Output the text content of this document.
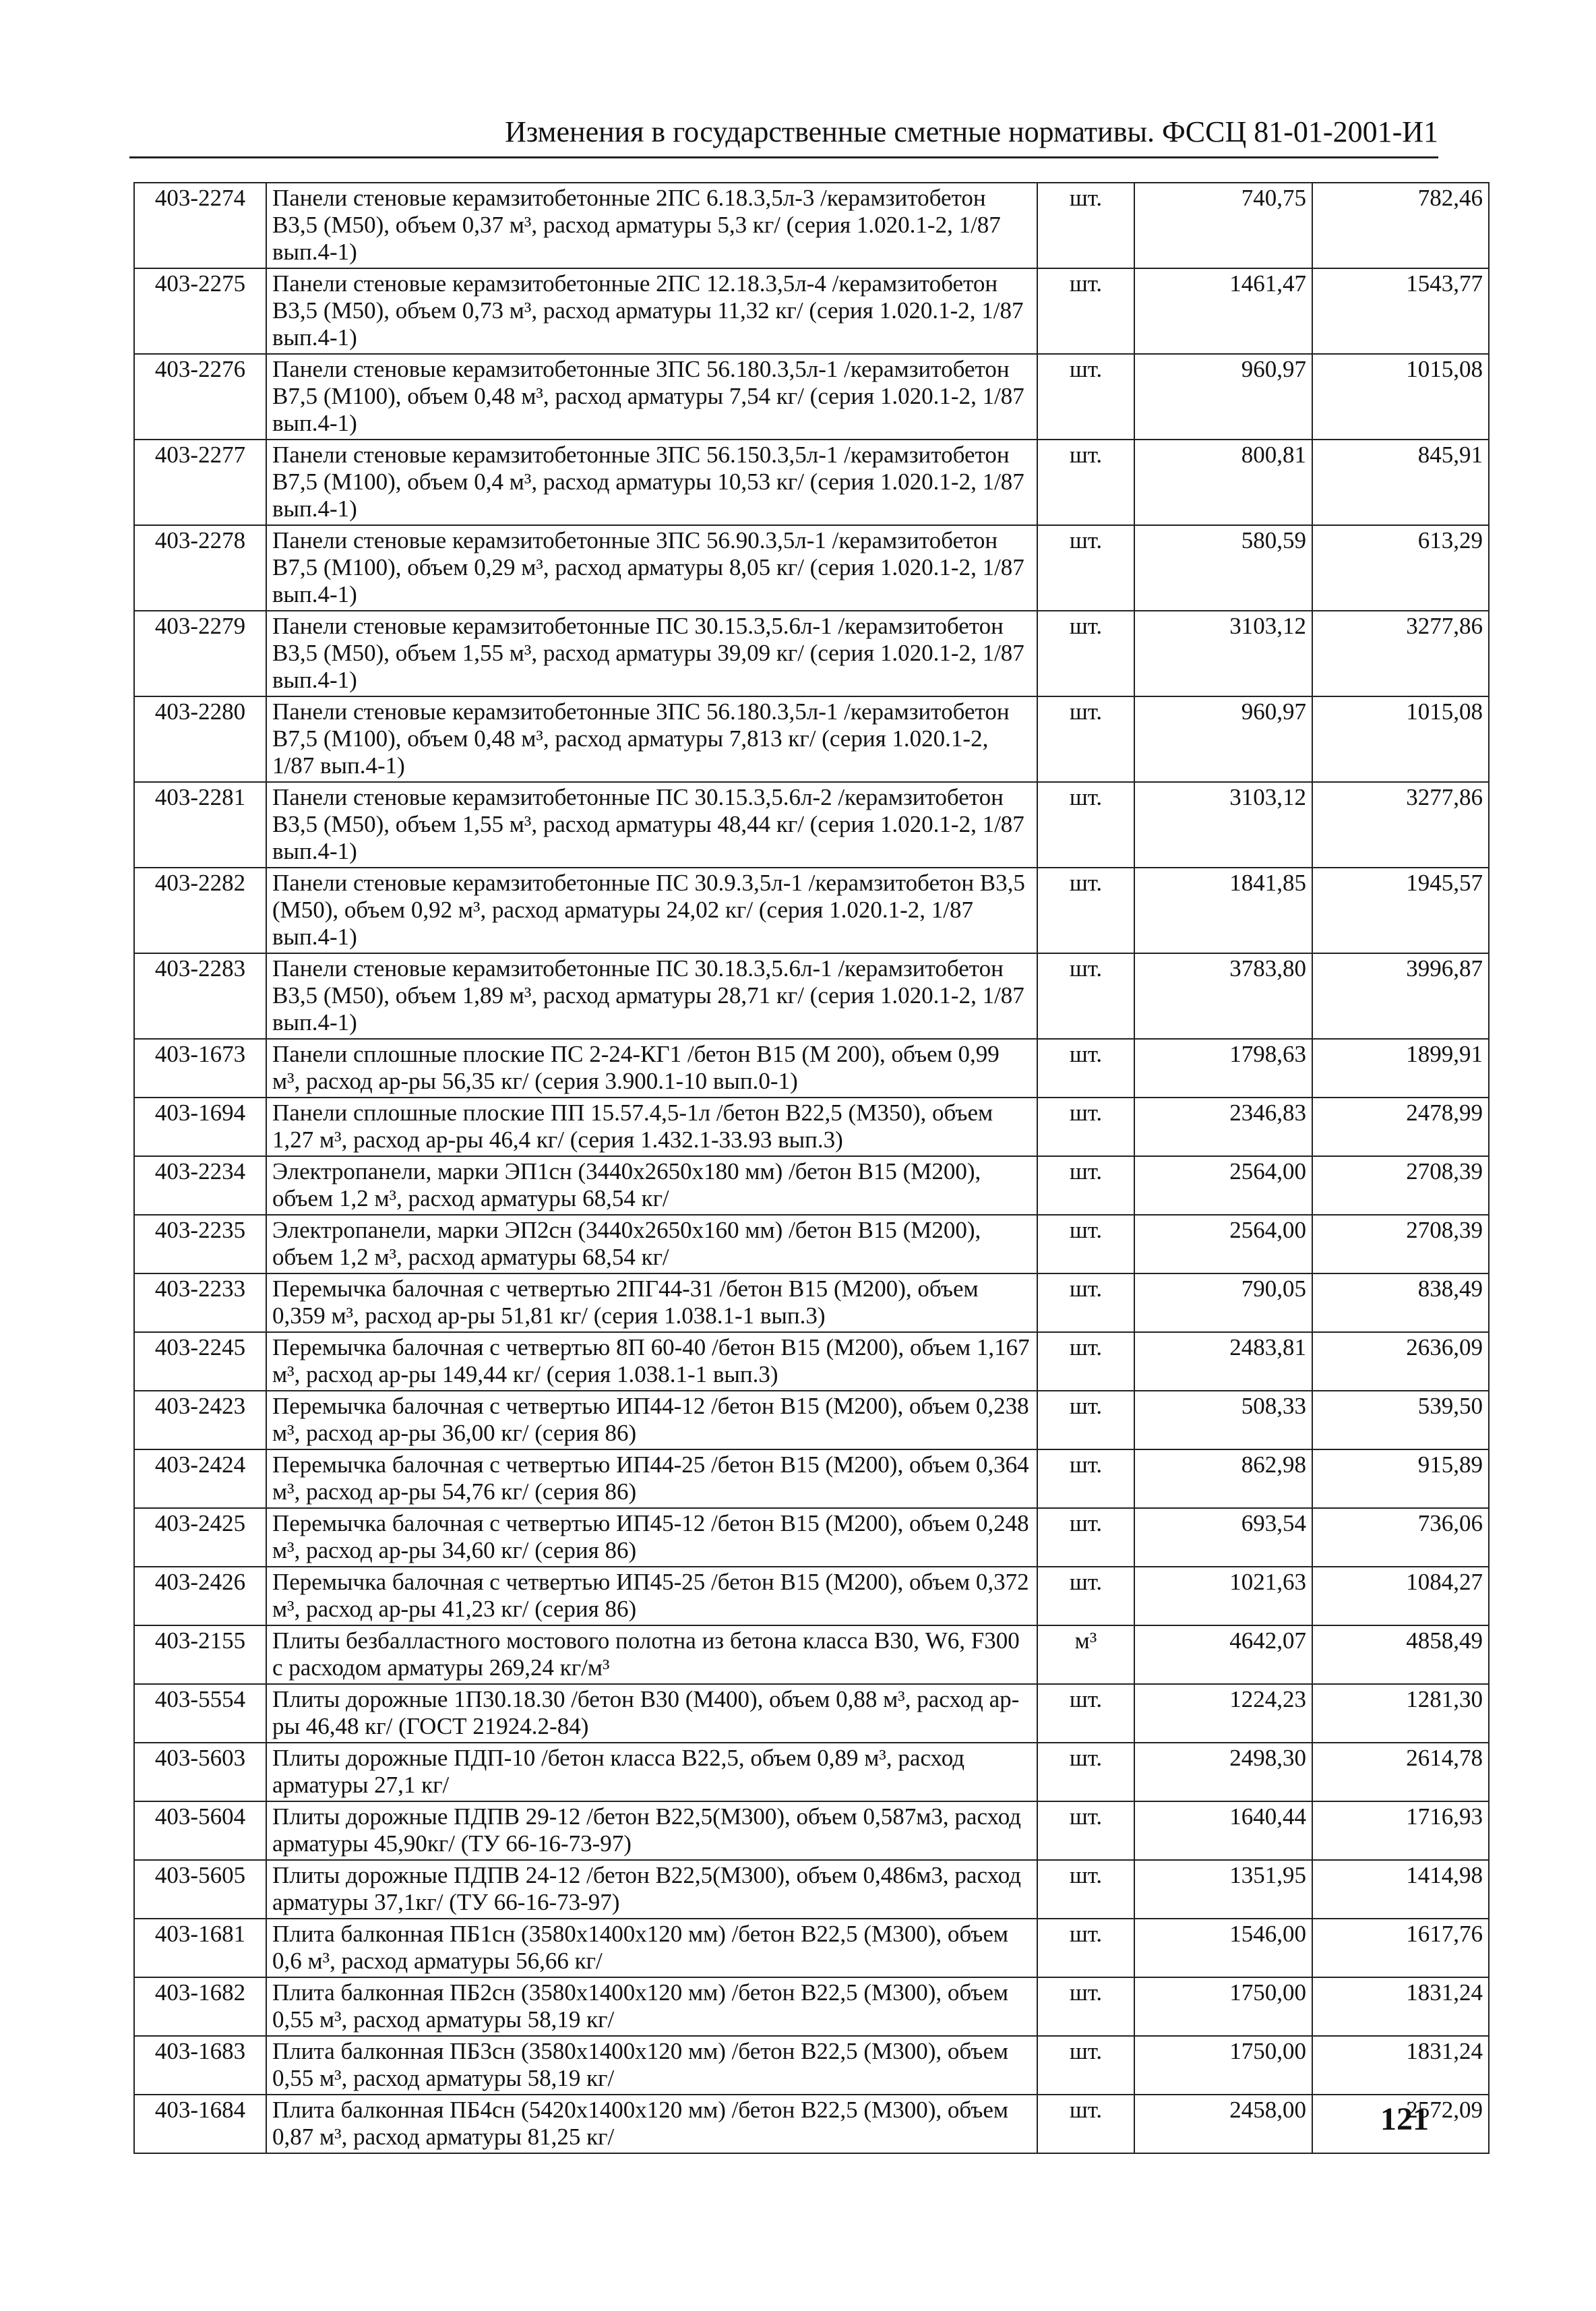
Изменения в государственные сметные нормативы. ФССЦ 81-01-2001-И1
403-2274	Панели стеновые керамзитобетонные 2ПС 6.18.3,5л-3 /керамзитобетон В3,5 (М50), объем 0,37 м³, расход арматуры 5,3 кг/ (серия 1.020.1-2, 1/87 вып.4-1)	шт.	740,75	782,46
403-2275	Панели стеновые керамзитобетонные 2ПС 12.18.3,5л-4 /керамзитобетон В3,5 (М50), объем 0,73 м³, расход арматуры 11,32 кг/ (серия 1.020.1-2, 1/87 вып.4-1)	шт.	1461,47	1543,77
403-2276	Панели стеновые керамзитобетонные 3ПС 56.180.3,5л-1 /керамзитобетон В7,5 (М100), объем 0,48 м³, расход арматуры 7,54 кг/ (серия 1.020.1-2, 1/87 вып.4-1)	шт.	960,97	1015,08
403-2277	Панели стеновые керамзитобетонные 3ПС 56.150.3,5л-1 /керамзитобетон В7,5 (М100), объем 0,4 м³, расход арматуры 10,53 кг/ (серия 1.020.1-2, 1/87 вып.4-1)	шт.	800,81	845,91
403-2278	Панели стеновые керамзитобетонные 3ПС 56.90.3,5л-1 /керамзитобетон В7,5 (М100), объем 0,29 м³, расход арматуры 8,05 кг/ (серия 1.020.1-2, 1/87 вып.4-1)	шт.	580,59	613,29
403-2279	Панели стеновые керамзитобетонные ПС 30.15.3,5.6л-1 /керамзитобетон В3,5 (М50), объем 1,55 м³, расход арматуры 39,09 кг/ (серия 1.020.1-2, 1/87 вып.4-1)	шт.	3103,12	3277,86
403-2280	Панели стеновые керамзитобетонные 3ПС 56.180.3,5л-1 /керамзитобетон В7,5 (М100), объем 0,48 м³, расход арматуры 7,813 кг/ (серия 1.020.1-2, 1/87 вып.4-1)	шт.	960,97	1015,08
403-2281	Панели стеновые керамзитобетонные ПС 30.15.3,5.6л-2 /керамзитобетон В3,5 (М50), объем 1,55 м³, расход арматуры 48,44 кг/ (серия 1.020.1-2, 1/87 вып.4-1)	шт.	3103,12	3277,86
403-2282	Панели стеновые керамзитобетонные ПС 30.9.3,5л-1 /керамзитобетон В3,5 (М50), объем 0,92 м³, расход арматуры 24,02 кг/ (серия 1.020.1-2, 1/87 вып.4-1)	шт.	1841,85	1945,57
403-2283	Панели стеновые керамзитобетонные ПС 30.18.3,5.6л-1 /керамзитобетон В3,5 (М50), объем 1,89 м³, расход арматуры 28,71 кг/ (серия 1.020.1-2, 1/87 вып.4-1)	шт.	3783,80	3996,87
403-1673	Панели сплошные плоские ПС 2-24-КГ1 /бетон В15 (М 200), объем 0,99 м³, расход ар-ры 56,35 кг/ (серия 3.900.1-10 вып.0-1)	шт.	1798,63	1899,91
403-1694	Панели сплошные плоские ПП 15.57.4,5-1л /бетон В22,5 (М350), объем 1,27 м³, расход ар-ры 46,4 кг/ (серия 1.432.1-33.93 вып.3)	шт.	2346,83	2478,99
403-2234	Электропанели, марки ЭП1сн (3440х2650х180 мм) /бетон В15 (М200), объем 1,2 м³, расход арматуры 68,54 кг/	шт.	2564,00	2708,39
403-2235	Электропанели, марки ЭП2сн (3440х2650х160 мм) /бетон В15 (М200), объем 1,2 м³, расход арматуры 68,54 кг/	шт.	2564,00	2708,39
403-2233	Перемычка балочная с четвертью 2ПГ44-31 /бетон В15 (М200), объем 0,359 м³, расход ар-ры 51,81 кг/ (серия 1.038.1-1 вып.3)	шт.	790,05	838,49
403-2245	Перемычка балочная с четвертью 8П 60-40 /бетон В15 (М200), объем 1,167 м³, расход ар-ры 149,44 кг/ (серия 1.038.1-1 вып.3)	шт.	2483,81	2636,09
403-2423	Перемычка балочная с четвертью ИП44-12 /бетон В15 (М200), объем 0,238 м³, расход ар-ры 36,00 кг/ (серия 86)	шт.	508,33	539,50
403-2424	Перемычка балочная с четвертью ИП44-25 /бетон В15 (М200), объем 0,364 м³, расход ар-ры 54,76 кг/ (серия 86)	шт.	862,98	915,89
403-2425	Перемычка балочная с четвертью ИП45-12 /бетон В15 (М200), объем 0,248 м³, расход ар-ры 34,60 кг/ (серия 86)	шт.	693,54	736,06
403-2426	Перемычка балочная с четвертью ИП45-25 /бетон В15 (М200), объем 0,372 м³, расход ар-ры 41,23 кг/ (серия 86)	шт.	1021,63	1084,27
403-2155	Плиты безбалластного мостового полотна из бетона класса В30, W6, F300 с расходом арматуры 269,24 кг/м³	м³	4642,07	4858,49
403-5554	Плиты дорожные 1П30.18.30 /бетон В30 (М400), объем 0,88 м³, расход ар-ры 46,48 кг/ (ГОСТ 21924.2-84)	шт.	1224,23	1281,30
403-5603	Плиты дорожные ПДП-10 /бетон класса В22,5, объем 0,89 м³, расход арматуры 27,1 кг/	шт.	2498,30	2614,78
403-5604	Плиты дорожные ПДПВ 29-12 /бетон В22,5(М300), объем 0,587м3, расход арматуры 45,90кг/ (ТУ 66-16-73-97)	шт.	1640,44	1716,93
403-5605	Плиты дорожные ПДПВ 24-12 /бетон В22,5(М300), объем 0,486м3, расход арматуры 37,1кг/ (ТУ 66-16-73-97)	шт.	1351,95	1414,98
403-1681	Плита балконная ПБ1сн (3580х1400х120 мм) /бетон В22,5 (М300), объем 0,6 м³, расход арматуры 56,66 кг/	шт.	1546,00	1617,76
403-1682	Плита балконная ПБ2сн (3580х1400х120 мм) /бетон В22,5 (М300), объем 0,55 м³, расход арматуры 58,19 кг/	шт.	1750,00	1831,24
403-1683	Плита балконная ПБ3сн (3580х1400х120 мм) /бетон В22,5 (М300), объем 0,55 м³, расход арматуры 58,19 кг/	шт.	1750,00	1831,24
403-1684	Плита балконная ПБ4сн (5420х1400х120 мм) /бетон В22,5 (М300), объем 0,87 м³, расход арматуры 81,25 кг/	шт.	2458,00	2572,09
121
